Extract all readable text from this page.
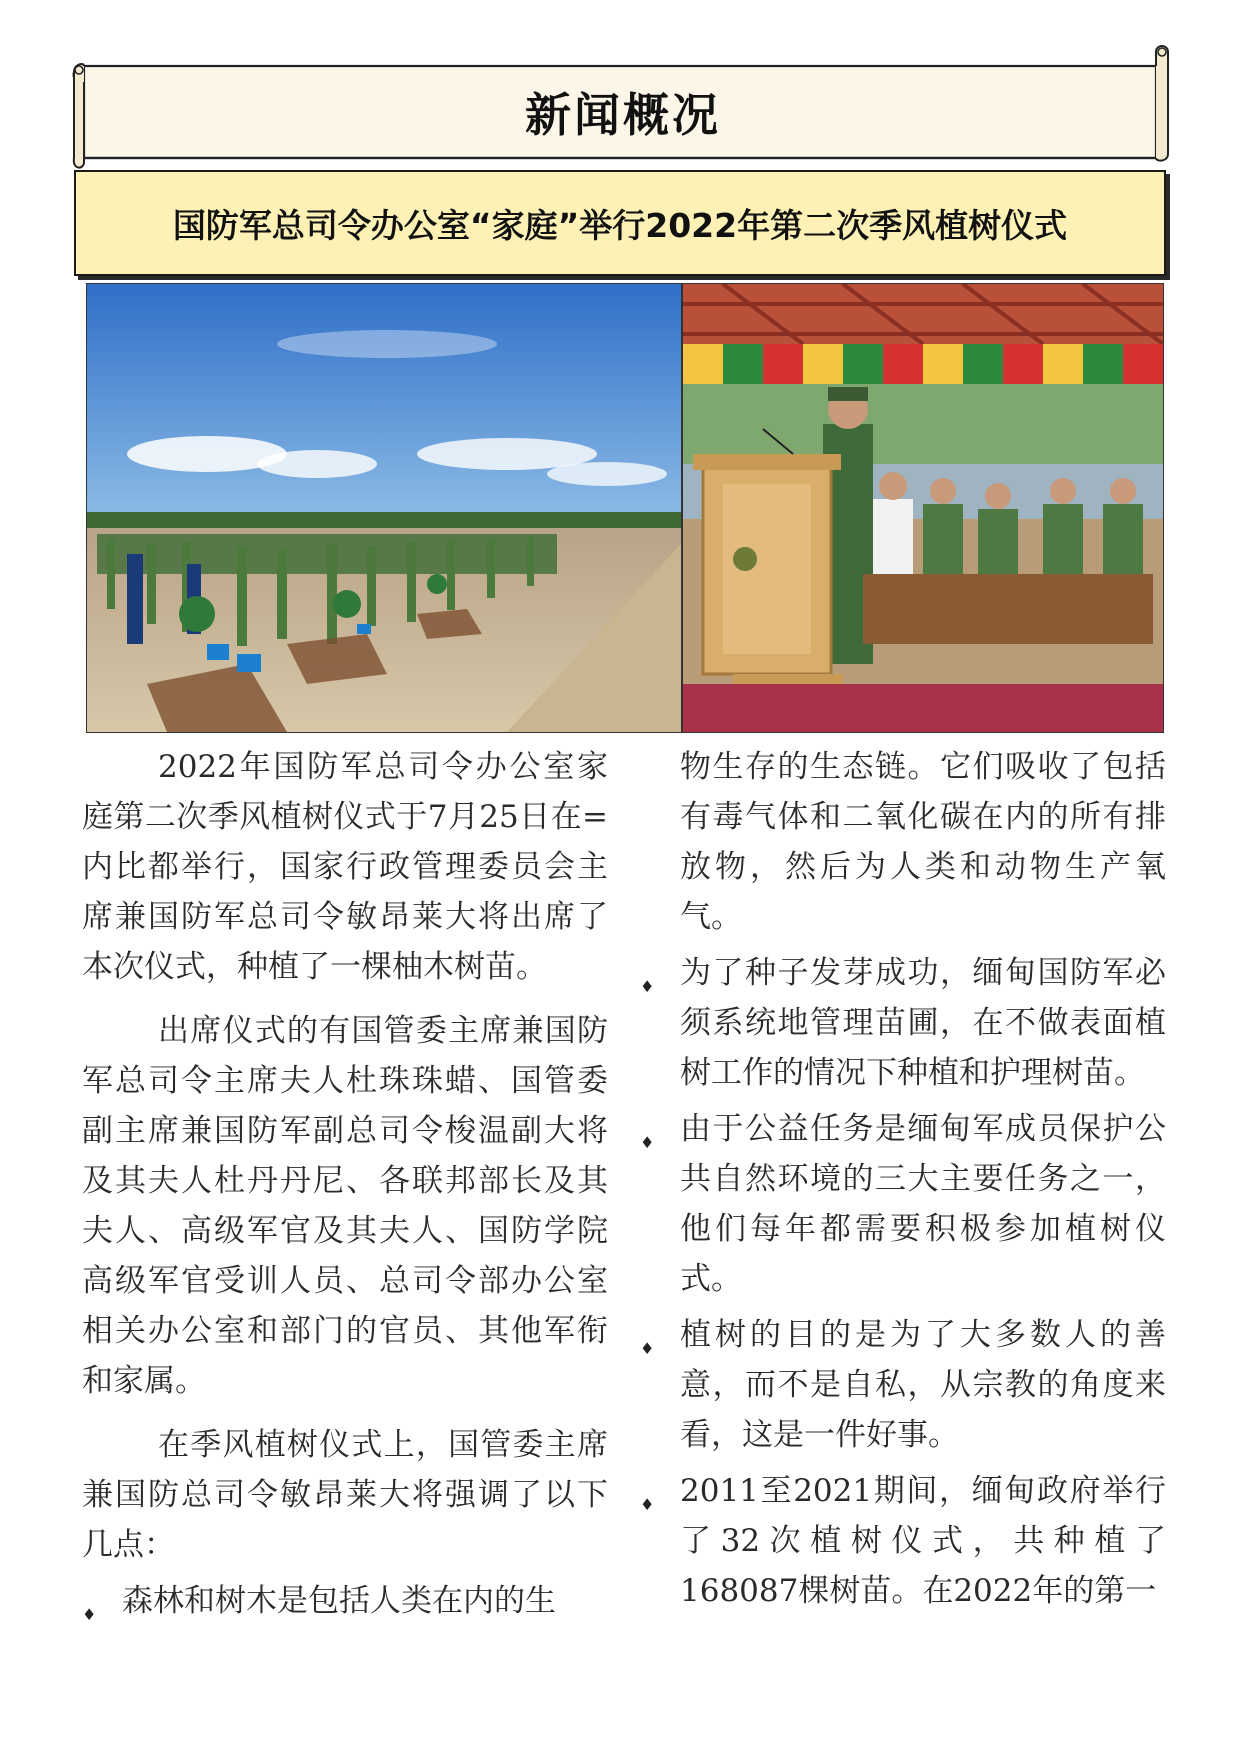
新闻概况
国防军总司令办公室“家庭”举行2022年第二次季风植树仪式

2022年国防军总司令办公室家庭第二次季风植树仪式于7月25日在=内比都举行，国家行政管理委员会主席兼国防军总司令敏昂莱大将出席了本次仪式，种植了一棵柚木树苗。

出席仪式的有国管委主席兼国防军总司令主席夫人杜珠珠蜡、国管委副主席兼国防军副总司令梭温副大将及其夫人杜丹丹尼、各联邦部长及其夫人、高级军官及其夫人、国防学院高级军官受训人员、总司令部办公室相关办公室和部门的官员、其他军衔和家属。

在季风植树仪式上，国管委主席兼国防总司令敏昂莱大将强调了以下几点：

♦ 森林和树木是包括人类在内的生

物生存的生态链。它们吸收了包括有毒气体和二氧化碳在内的所有排放物，然后为人类和动物生产氧气。

♦ 为了种子发芽成功，缅甸国防军必须系统地管理苗圃，在不做表面植树工作的情况下种植和护理树苗。

♦ 由于公益任务是缅甸军成员保护公共自然环境的三大主要任务之一，他们每年都需要积极参加植树仪式。

♦ 植树的目的是为了大多数人的善意，而不是自私，从宗教的角度来看，这是一件好事。

♦ 2011至2021期间，缅甸政府举行了32次植树仪式，共种植了168087棵树苗。在2022年的第一
